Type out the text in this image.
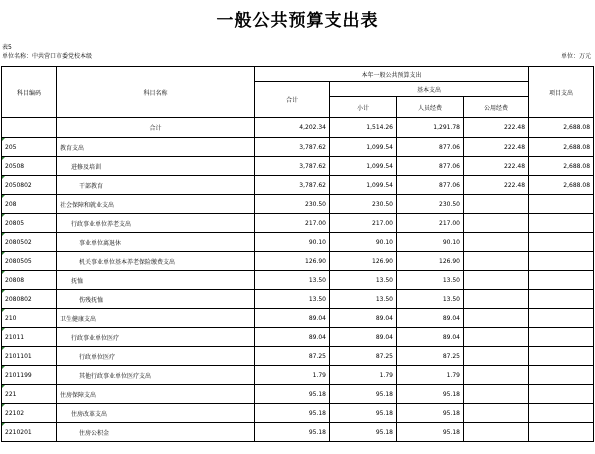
一般公共预算支出表
表5
单位名称：中共营口市委党校本级	单位：万元
科目编码	科目名称	本年一般公共预算支出				项目支出
		合计	基本支出			
			小计	人员经费	公用经费	
	合计	4,202.34	1,514.26	1,291.78	222.48	2,688.08
205	教育支出	3,787.62	1,099.54	877.06	222.48	2,688.08
20508	进修及培训	3,787.62	1,099.54	877.06	222.48	2,688.08
2050802	干部教育	3,787.62	1,099.54	877.06	222.48	2,688.08
208	社会保障和就业支出	230.50	230.50	230.50		
20805	行政事业单位养老支出	217.00	217.00	217.00		
2080502	事业单位离退休	90.10	90.10	90.10		
2080505	机关事业单位基本养老保险缴费支出	126.90	126.90	126.90		
20808	抚恤	13.50	13.50	13.50		
2080802	伤残抚恤	13.50	13.50	13.50		
210	卫生健康支出	89.04	89.04	89.04		
21011	行政事业单位医疗	89.04	89.04	89.04		
2101101	行政单位医疗	87.25	87.25	87.25		
2101199	其他行政事业单位医疗支出	1.79	1.79	1.79		
221	住房保障支出	95.18	95.18	95.18		
22102	住房改革支出	95.18	95.18	95.18		
2210201	住房公积金	95.18	95.18	95.18		
